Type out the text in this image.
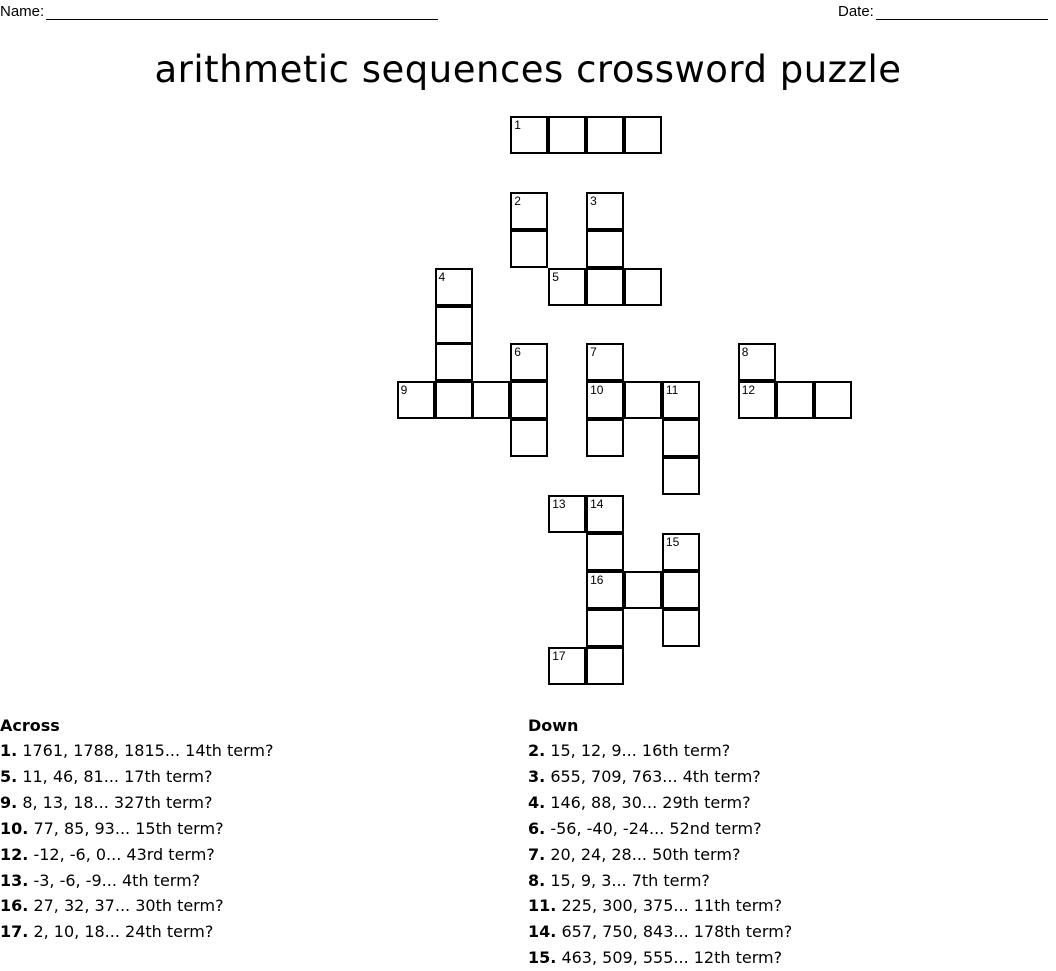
Name:	Date:
arithmetic sequences crossword puzzle
1
2	3
4	5
6	7	8
9	10	11	12
13 14
15
16
17
Across
1. 1761, 1788, 1815... 14th term?
5. 11, 46, 81... 17th term?
9. 8, 13, 18... 327th term?
10. 77, 85, 93... 15th term?
12. -12, -6, 0... 43rd term?
13. -3, -6, -9... 4th term?
16. 27, 32, 37... 30th term?
17. 2, 10, 18... 24th term?
Down
2. 15, 12, 9... 16th term?
3. 655, 709, 763... 4th term?
4. 146, 88, 30... 29th term?
6. -56, -40, -24... 52nd term?
7. 20, 24, 28... 50th term?
8. 15, 9, 3... 7th term?
11. 225, 300, 375... 11th term?
14. 657, 750, 843... 178th term?
15. 463, 509, 555... 12th term?
